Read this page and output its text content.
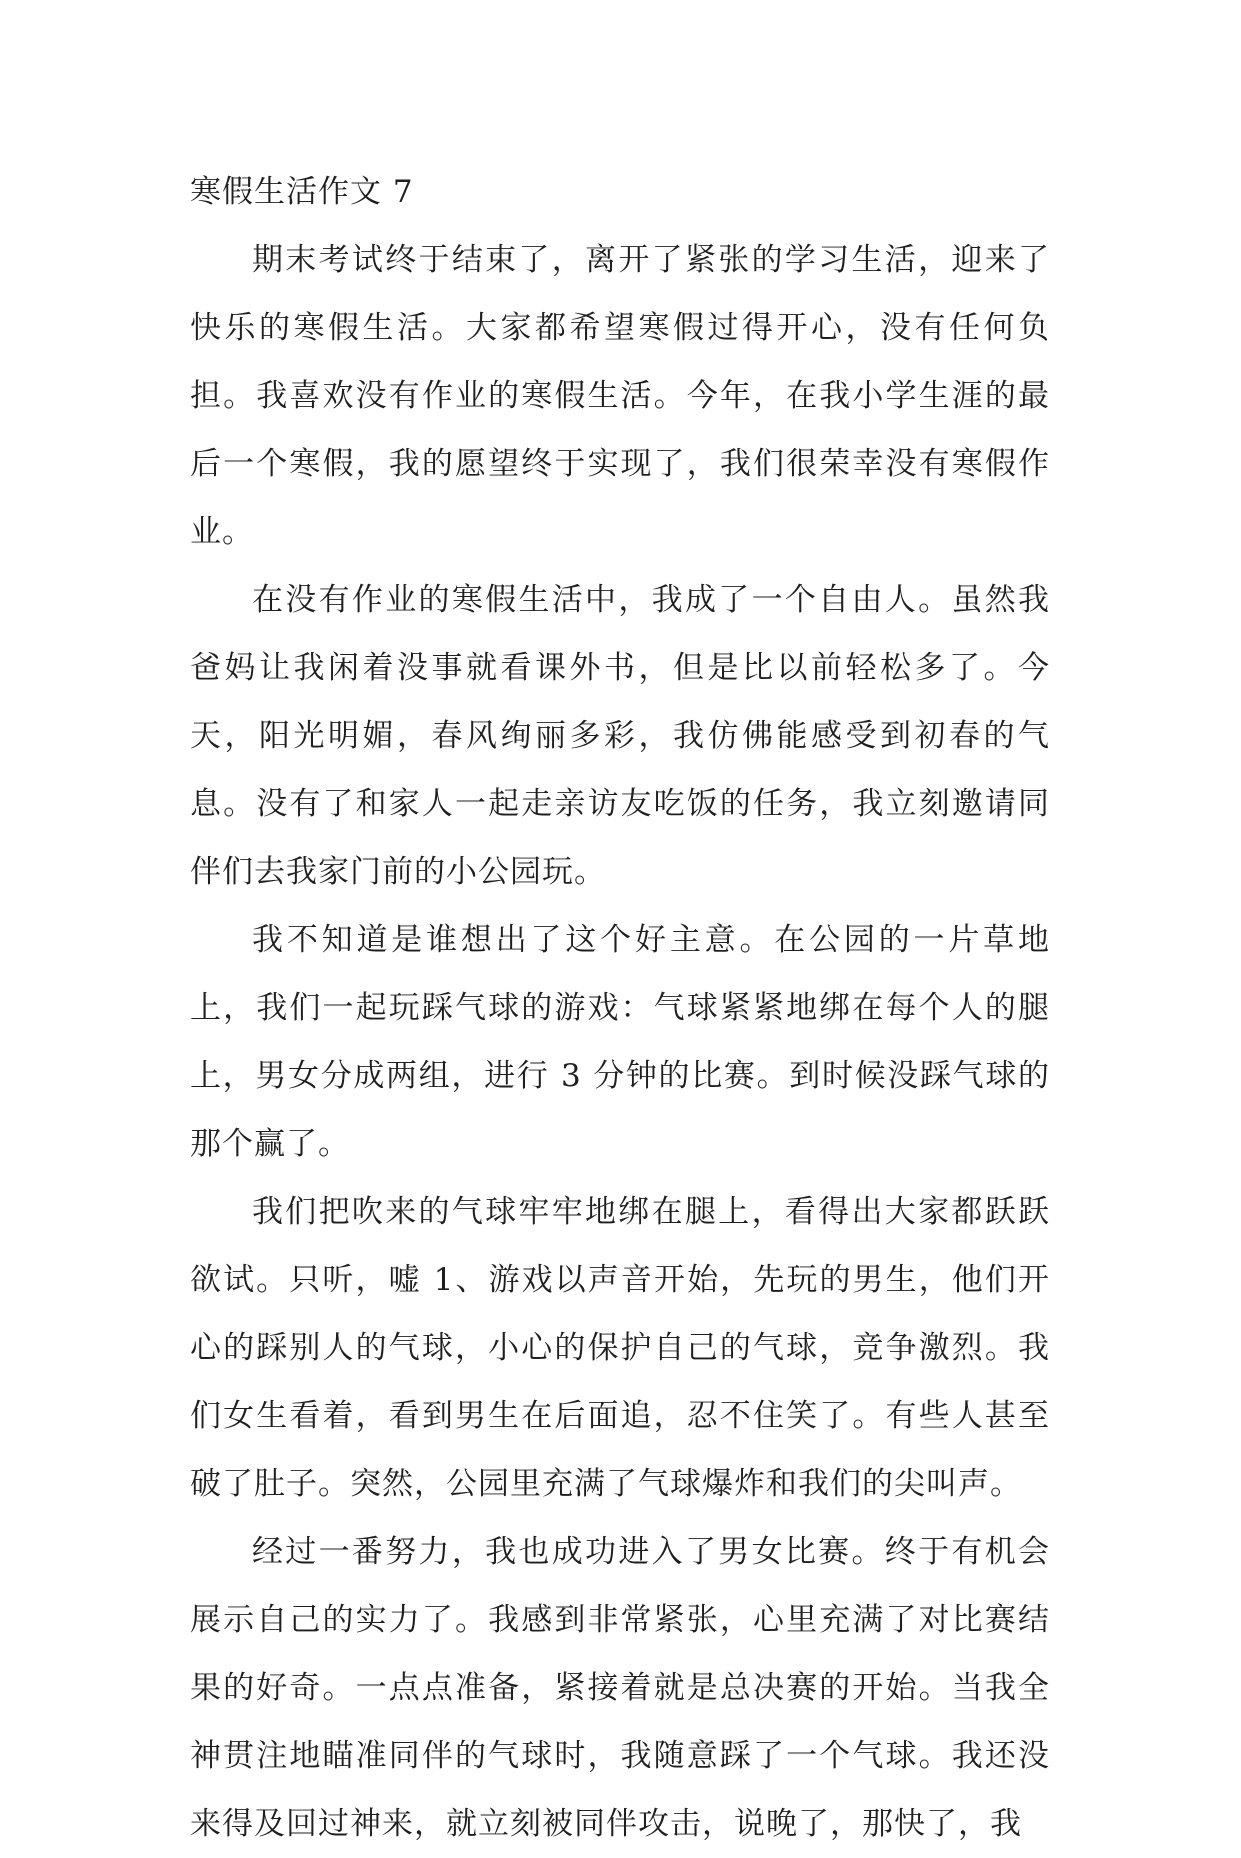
寒假生活作文 7

期末考试终于结束了，离开了紧张的学习生活，迎来了快乐的寒假生活。大家都希望寒假过得开心，没有任何负担。我喜欢没有作业的寒假生活。今年，在我小学生涯的最后一个寒假，我的愿望终于实现了，我们很荣幸没有寒假作业。

在没有作业的寒假生活中，我成了一个自由人。虽然我爸妈让我闲着没事就看课外书，但是比以前轻松多了。今天，阳光明媚，春风绚丽多彩，我仿佛能感受到初春的气息。没有了和家人一起走亲访友吃饭的任务，我立刻邀请同伴们去我家门前的小公园玩。

我不知道是谁想出了这个好主意。在公园的一片草地上，我们一起玩踩气球的游戏：气球紧紧地绑在每个人的腿上，男女分成两组，进行 3 分钟的比赛。到时候没踩气球的那个赢了。

我们把吹来的气球牢牢地绑在腿上，看得出大家都跃跃欲试。只听，嘘 1、游戏以声音开始，先玩的男生，他们开心的踩别人的气球，小心的保护自己的气球，竞争激烈。我们女生看着，看到男生在后面追，忍不住笑了。有些人甚至破了肚子。突然，公园里充满了气球爆炸和我们的尖叫声。

经过一番努力，我也成功进入了男女比赛。终于有机会展示自己的实力了。我感到非常紧张，心里充满了对比赛结果的好奇。一点点准备，紧接着就是总决赛的开始。当我全神贯注地瞄准同伴的气球时，我随意踩了一个气球。我还没来得及回过神来，就立刻被同伴攻击，说晚了，那快了，我
